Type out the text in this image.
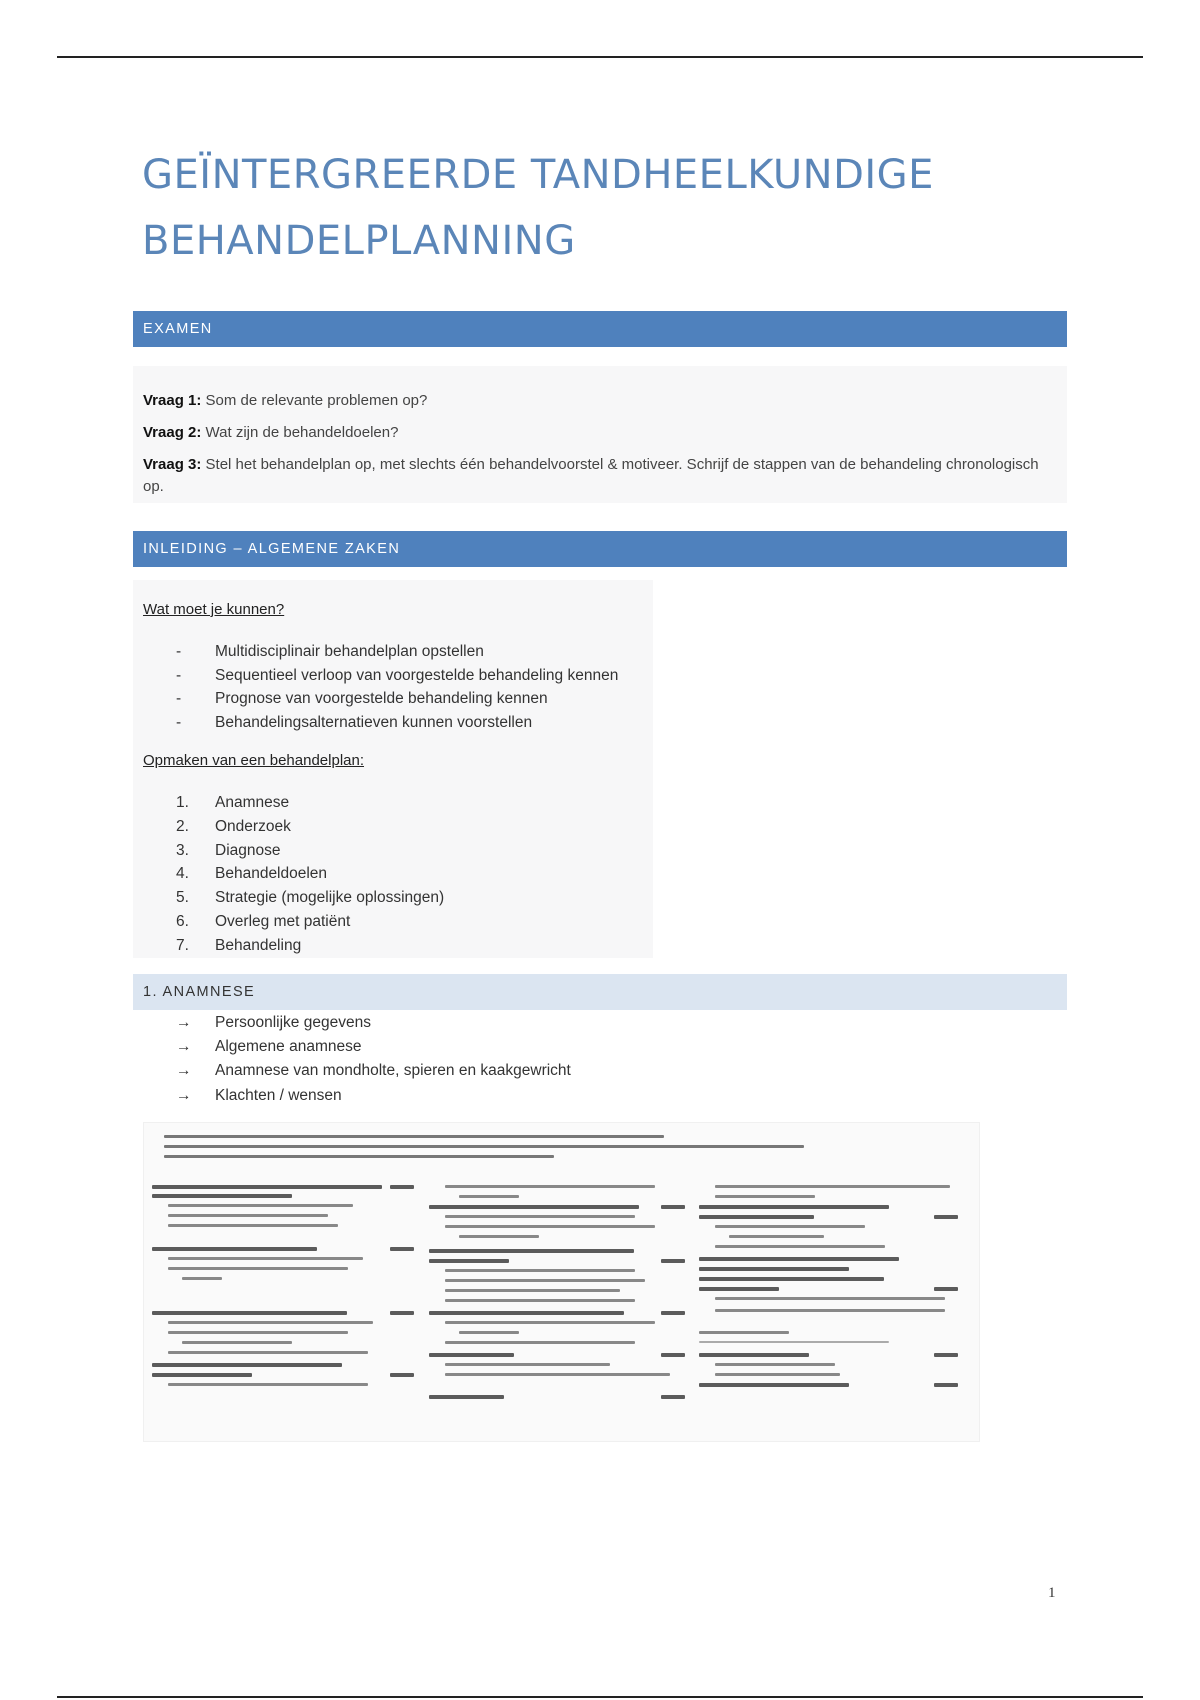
GEÏNTERGREERDE TANDHEELKUNDIGE
BEHANDELPLANNING
EXAMEN
Vraag 1: Som de relevante problemen op?
Vraag 2: Wat zijn de behandeldoelen?
Vraag 3: Stel het behandelplan op, met slechts één behandelvoorstel & motiveer. Schrijf de stappen van de behandeling chronologisch op.
INLEIDING – ALGEMENE ZAKEN
Wat moet je kunnen?
-	Multidisciplinair behandelplan opstellen
-	Sequentieel verloop van voorgestelde behandeling kennen
-	Prognose van voorgestelde behandeling kennen
-	Behandelingsalternatieven kunnen voorstellen
Opmaken van een behandelplan:
1.	Anamnese
2.	Onderzoek
3.	Diagnose
4.	Behandeldoelen
5.	Strategie (mogelijke oplossingen)
6.	Overleg met patiënt
7.	Behandeling
1. ANAMNESE
→	Persoonlijke gegevens
→	Algemene anamnese
→	Anamnese van mondholte, spieren en kaakgewricht
→	Klachten / wensen
1
